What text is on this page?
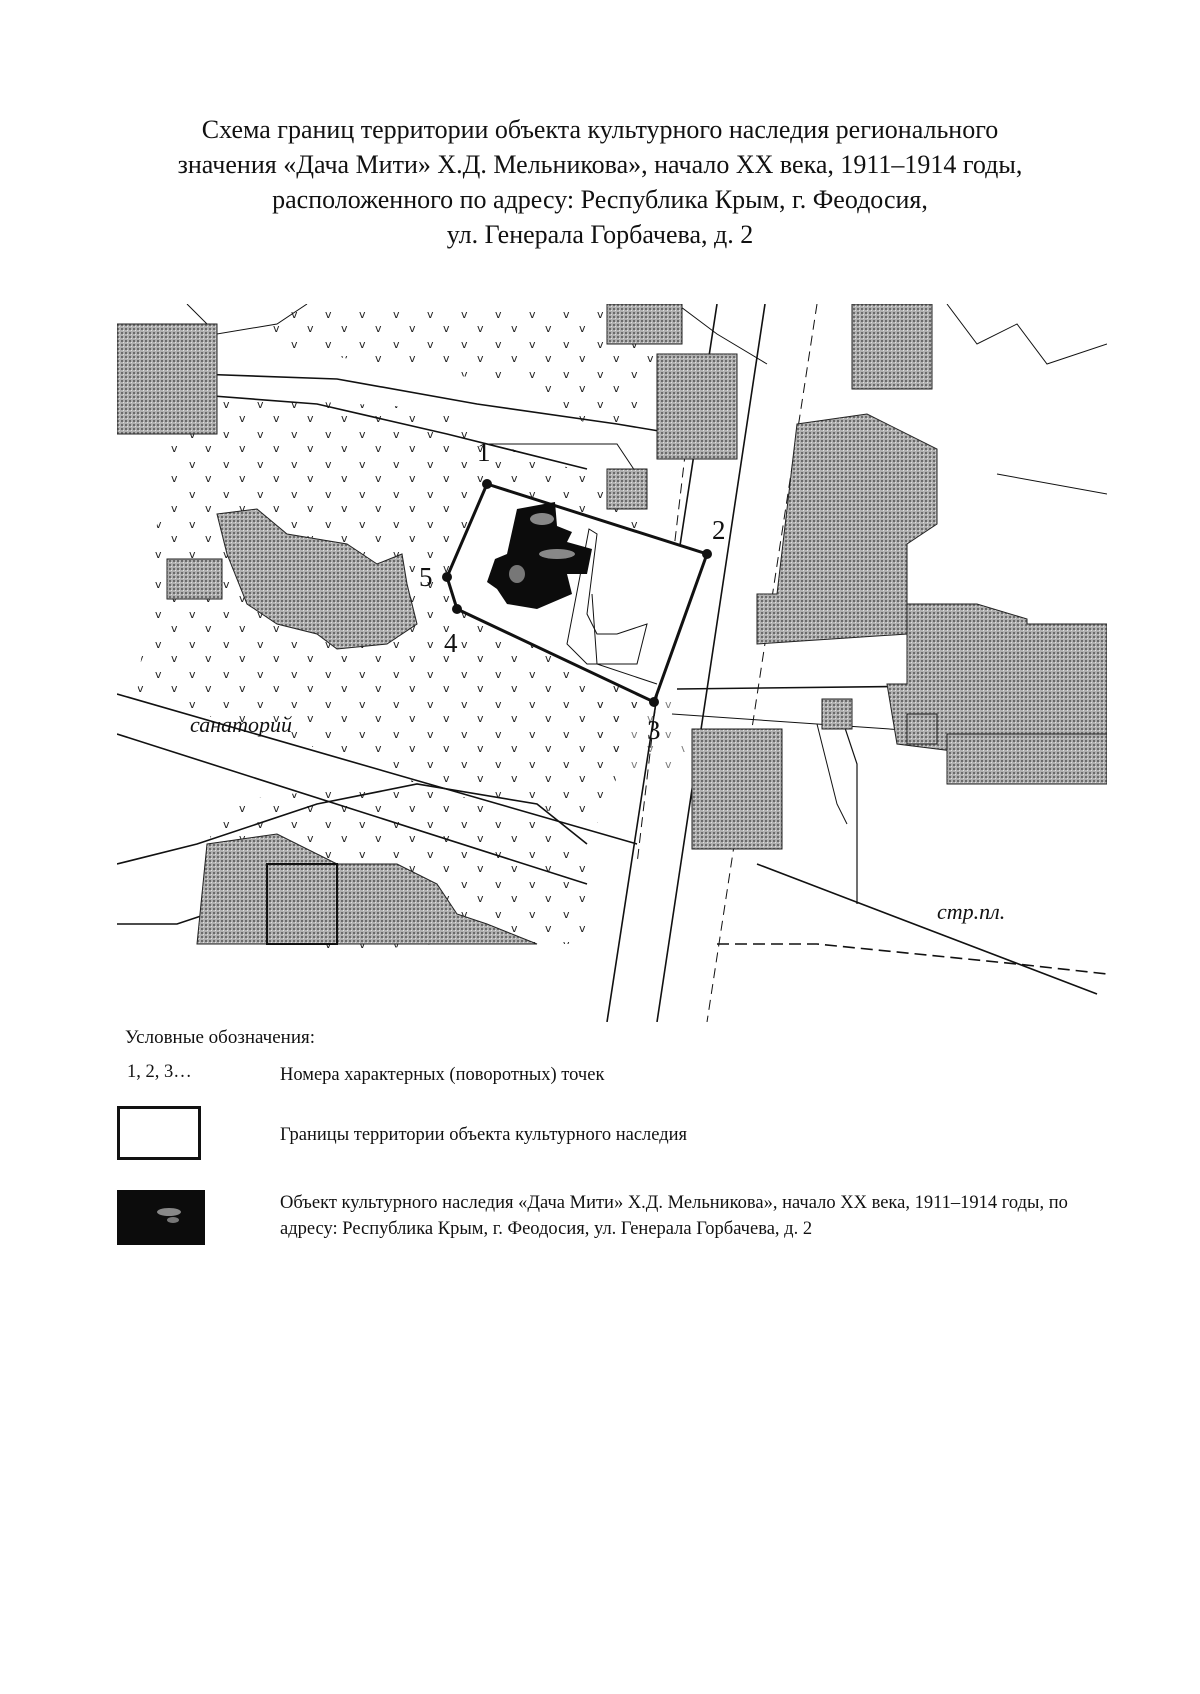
Схема границ территории объекта культурного наследия регионального
значения «Дача Мити» Х.Д. Мельникова», начало XX века, 1911–1914 годы,
расположенного по адресу: Республика Крым, г. Феодосия,
ул. Генерала Горбачева, д. 2
1
2
3
4
5
санаторий
стр.пл.
Условные обозначения:
1, 2, 3…	Номера характерных (поворотных) точек
Границы территории объекта культурного наследия
Объект культурного наследия «Дача Мити» Х.Д. Мельникова», начало XX века, 1911–1914 годы, по адресу: Республика Крым, г. Феодосия, ул. Генерала Горбачева, д. 2
